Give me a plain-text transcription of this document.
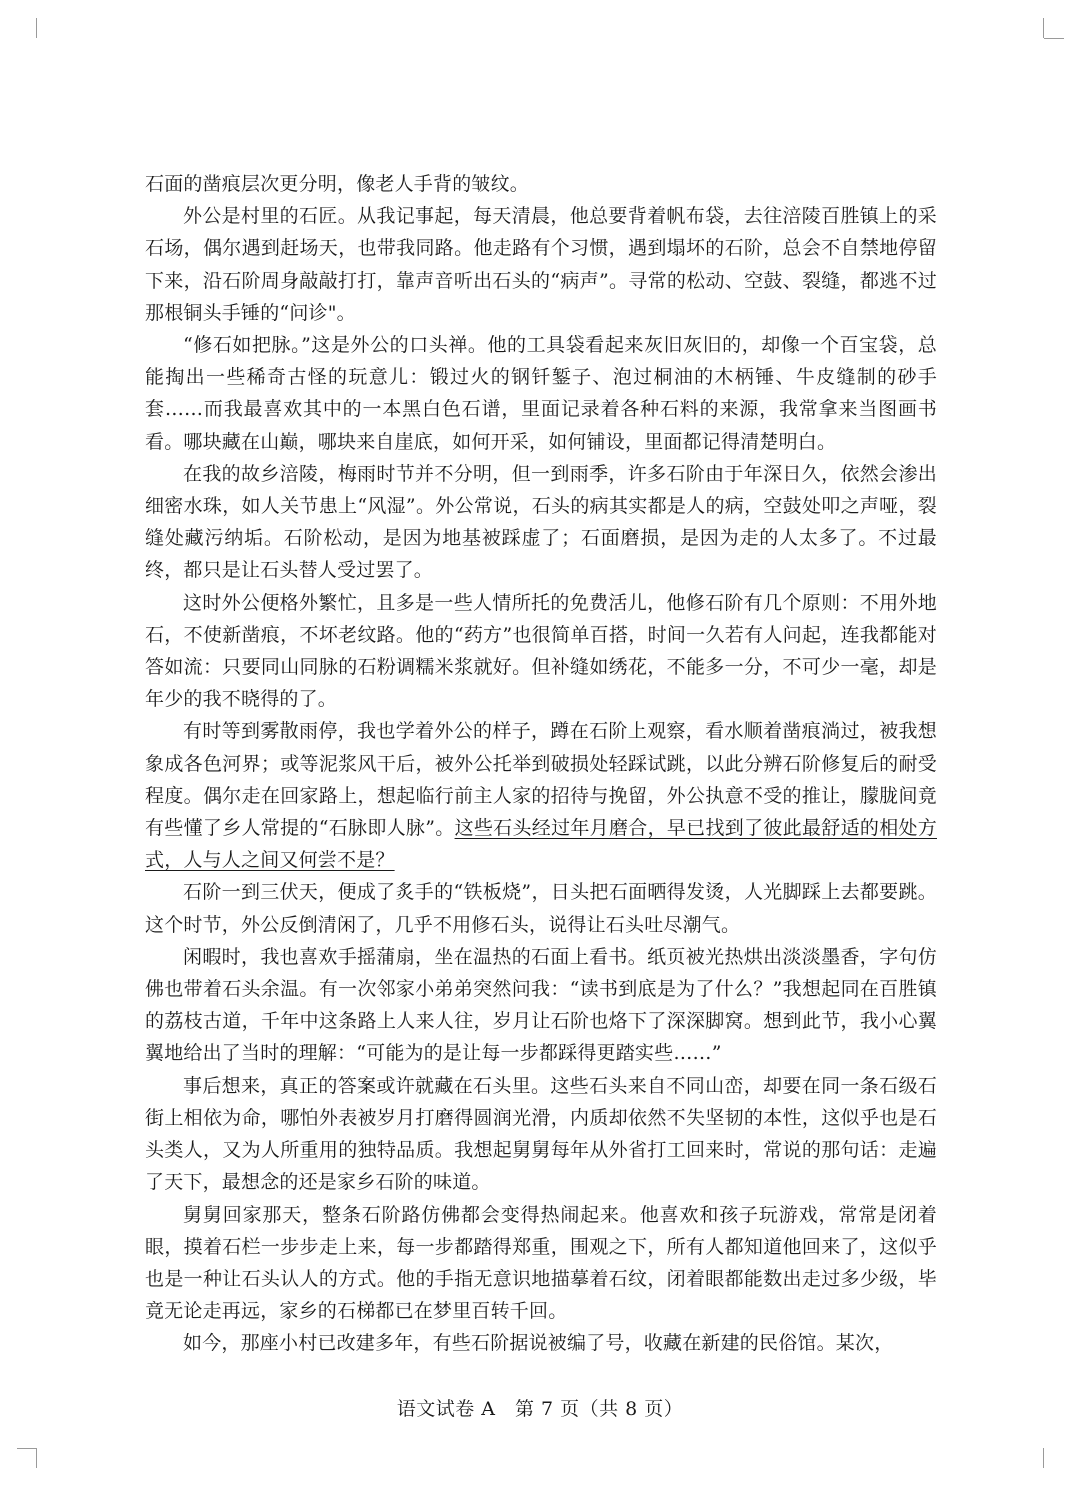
石面的凿痕层次更分明，像老人手背的皱纹。

外公是村里的石匠。从我记事起，每天清晨，他总要背着帆布袋，去往涪陵百胜镇上的采石场，偶尔遇到赶场天，也带我同路。他走路有个习惯，遇到塌坏的石阶，总会不自禁地停留下来，沿石阶周身敲敲打打，靠声音听出石头的“病声”。寻常的松动、空鼓、裂缝，都逃不过那根铜头手锤的“问诊"。

“修石如把脉。”这是外公的口头禅。他的工具袋看起来灰旧灰旧的，却像一个百宝袋，总能掏出一些稀奇古怪的玩意儿：锻过火的钢钎錾子、泡过桐油的木柄锤、牛皮缝制的砂手套……而我最喜欢其中的一本黑白色石谱，里面记录着各种石料的来源，我常拿来当图画书看。哪块藏在山巅，哪块来自崖底，如何开采，如何铺设，里面都记得清楚明白。

在我的故乡涪陵，梅雨时节并不分明，但一到雨季，许多石阶由于年深日久，依然会渗出细密水珠，如人关节患上“风湿”。外公常说，石头的病其实都是人的病，空鼓处叩之声哑，裂缝处藏污纳垢。石阶松动，是因为地基被踩虚了；石面磨损，是因为走的人太多了。不过最终，都只是让石头替人受过罢了。

这时外公便格外繁忙，且多是一些人情所托的免费活儿，他修石阶有几个原则：不用外地石，不使新凿痕，不坏老纹路。他的“药方”也很简单百搭，时间一久若有人问起，连我都能对答如流：只要同山同脉的石粉调糯米浆就好。但补缝如绣花，不能多一分，不可少一毫，却是年少的我不晓得的了。

有时等到雾散雨停，我也学着外公的样子，蹲在石阶上观察，看水顺着凿痕淌过，被我想象成各色河界；或等泥浆风干后，被外公托举到破损处轻踩试跳，以此分辨石阶修复后的耐受程度。偶尔走在回家路上，想起临行前主人家的招待与挽留，外公执意不受的推让，朦胧间竟有些懂了乡人常提的“石脉即人脉”。这些石头经过年月磨合，早已找到了彼此最舒适的相处方式，人与人之间又何尝不是？

石阶一到三伏天，便成了炙手的“铁板烧”，日头把石面晒得发烫，人光脚踩上去都要跳。这个时节，外公反倒清闲了，几乎不用修石头，说得让石头吐尽潮气。

闲暇时，我也喜欢手摇蒲扇，坐在温热的石面上看书。纸页被光热烘出淡淡墨香，字句仿佛也带着石头余温。有一次邻家小弟弟突然问我：“读书到底是为了什么？”我想起同在百胜镇的荔枝古道，千年中这条路上人来人往，岁月让石阶也烙下了深深脚窝。想到此节，我小心翼翼地给出了当时的理解：“可能为的是让每一步都踩得更踏实些……”

事后想来，真正的答案或许就藏在石头里。这些石头来自不同山峦，却要在同一条石级石街上相依为命，哪怕外表被岁月打磨得圆润光滑，内质却依然不失坚韧的本性，这似乎也是石头类人，又为人所重用的独特品质。我想起舅舅每年从外省打工回来时，常说的那句话：走遍了天下，最想念的还是家乡石阶的味道。

舅舅回家那天，整条石阶路仿佛都会变得热闹起来。他喜欢和孩子玩游戏，常常是闭着眼，摸着石栏一步步走上来，每一步都踏得郑重，围观之下，所有人都知道他回来了，这似乎也是一种让石头认人的方式。他的手指无意识地描摹着石纹，闭着眼都能数出走过多少级，毕竟无论走再远，家乡的石梯都已在梦里百转千回。

如今，那座小村已改建多年，有些石阶据说被编了号，收藏在新建的民俗馆。某次，

语文试卷 A　第 7 页（共 8 页）
